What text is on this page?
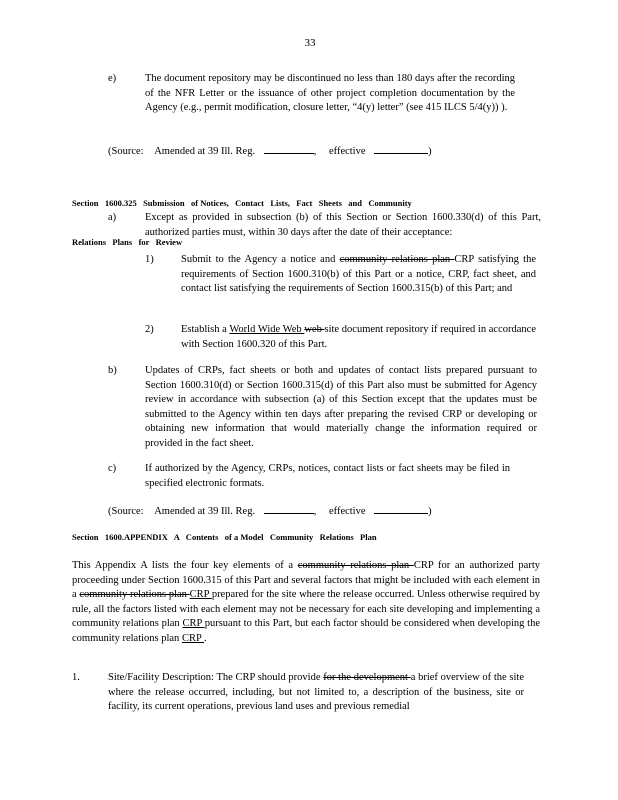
33
e)	The document repository may be discontinued no less than 180 days after the recording of the NFR Letter or the issuance of other project completion documentation by the Agency (e.g., permit modification, closure letter, “4(y) letter” (see 415 ILCS 5/4(y)) ).
(Source: Amended at 39 Ill. Reg.	, effective	)

Section   1600.325   Submission   of Notices,   Contact   Lists,   Fact   Sheets   and   Community

Relations   Plans   for   Review

a)	Except as provided in subsection (b) of this Section or Section 1600.330(d) of this Part, authorized parties must, within 30 days after the date of their acceptance:
1)	Submit to the Agency a notice and community relations plan CRP satisfying the requirements of Section 1600.310(b) of this Part or a notice, CRP, fact sheet, and contact list satisfying the requirements of Section 1600.315(b) of this Part; and
2)	Establish a World Wide Web web site document repository if required in accordance with Section 1600.320 of this Part.
b)	Updates of CRPs, fact sheets or both and updates of contact lists prepared pursuant to Section 1600.310(d) or Section 1600.315(d) of this Part also must be submitted for Agency review in accordance with subsection (a) of this Section except that the updates must be submitted to the Agency within ten days after preparing the revised CRP or developing or obtaining new information that would materially change the information required or provided in the fact sheet.
c)	If authorized by the Agency, CRPs, notices, contact lists or fact sheets may be filed in specified electronic formats.
(Source: Amended at 39 Ill. Reg.	, effective	)
Section   1600.APPENDIX   A   Contents   of a Model   Community   Relations   Plan
This Appendix A lists the four key elements of a community relations plan CRP for an authorized party proceeding under Section 1600.315 of this Part and several factors that might be included with each element in a community relations plan CRP prepared for the site where the release occurred. Unless otherwise required by rule, all the factors listed with each element may not be necessary for each site developing and implementing a community relations plan CRP pursuant to this Part, but each factor should be considered when developing the community relations plan CRP .
1.	Site/Facility Description: The CRP should provide for the development a brief overview of the site where the release occurred, including, but not limited to, a description of the business, site or facility, its current operations, previous land uses and previous remedial
